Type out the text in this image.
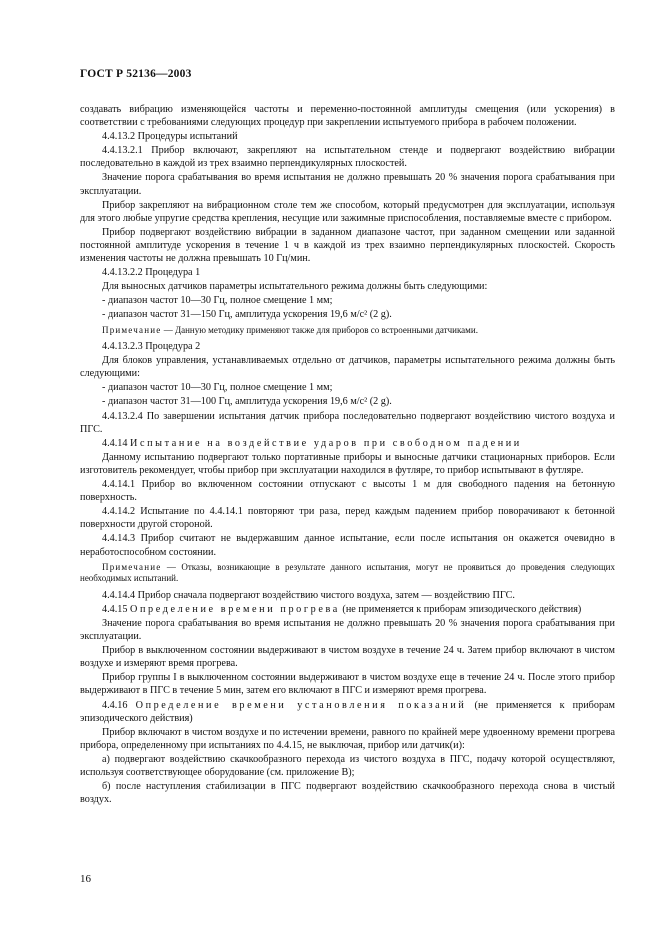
ГОСТ Р 52136—2003
создавать вибрацию изменяющейся частоты и переменно-постоянной амплитуды смещения (или ускорения) в соответствии с требованиями следующих процедур при закреплении испытуемого прибора в рабочем положении.
4.4.13.2 Процедуры испытаний
4.4.13.2.1 Прибор включают, закрепляют на испытательном стенде и подвергают воздействию вибрации последовательно в каждой из трех взаимно перпендикулярных плоскостей.
Значение порога срабатывания во время испытания не должно превышать 20 % значения порога срабатывания при эксплуатации.
Прибор закрепляют на вибрационном столе тем же способом, который предусмотрен для эксплуатации, используя для этого любые упругие средства крепления, несущие или зажимные приспособления, поставляемые вместе с прибором.
Прибор подвергают воздействию вибрации в заданном диапазоне частот, при заданном смещении или заданной постоянной амплитуде ускорения в течение 1 ч в каждой из трех взаимно перпендикулярных плоскостей. Скорость изменения частоты не должна превышать 10 Гц/мин.
4.4.13.2.2 Процедура 1
Для выносных датчиков параметры испытательного режима должны быть следующими:
- диапазон частот 10—30 Гц, полное смещение 1 мм;
- диапазон частот 31—150 Гц, амплитуда ускорения 19,6 м/с² (2 g).
Примечание — Данную методику применяют также для приборов со встроенными датчиками.
4.4.13.2.3 Процедура 2
Для блоков управления, устанавливаемых отдельно от датчиков, параметры испытательного режима должны быть следующими:
- диапазон частот 10—30 Гц, полное смещение 1 мм;
- диапазон частот 31—100 Гц, амплитуда ускорения 19,6 м/с² (2 g).
4.4.13.2.4 По завершении испытания датчик прибора последовательно подвергают воздействию чистого воздуха и ПГС.
4.4.14 Испытание на воздействие ударов при свободном падении
Данному испытанию подвергают только портативные приборы и выносные датчики стационарных приборов. Если изготовитель рекомендует, чтобы прибор при эксплуатации находился в футляре, то прибор испытывают в футляре.
4.4.14.1 Прибор во включенном состоянии отпускают с высоты 1 м для свободного падения на бетонную поверхность.
4.4.14.2 Испытание по 4.4.14.1 повторяют три раза, перед каждым падением прибор поворачивают к бетонной поверхности другой стороной.
4.4.14.3 Прибор считают не выдержавшим данное испытание, если после испытания он окажется очевидно в неработоспособном состоянии.
Примечание — Отказы, возникающие в результате данного испытания, могут не проявиться до проведения следующих необходимых испытаний.
4.4.14.4 Прибор сначала подвергают воздействию чистого воздуха, затем — воздействию ПГС.
4.4.15 Определение времени прогрева (не применяется к приборам эпизодического действия)
Значение порога срабатывания во время испытания не должно превышать 20 % значения порога срабатывания при эксплуатации.
Прибор в выключенном состоянии выдерживают в чистом воздухе в течение 24 ч. Затем прибор включают в чистом воздухе и измеряют время прогрева.
Прибор группы I в выключенном состоянии выдерживают в чистом воздухе еще в течение 24 ч. После этого прибор выдерживают в ПГС в течение 5 мин, затем его включают в ПГС и измеряют время прогрева.
4.4.16 Определение времени установления показаний (не применяется к приборам эпизодического действия)
Прибор включают в чистом воздухе и по истечении времени, равного по крайней мере удвоенному времени прогрева прибора, определенному при испытаниях по 4.4.15, не выключая, прибор или датчик(и):
а) подвергают воздействию скачкообразного перехода из чистого воздуха в ПГС, подачу которой осуществляют, используя соответствующее оборудование (см. приложение В);
б) после наступления стабилизации в ПГС подвергают воздействию скачкообразного перехода снова в чистый воздух.
16
